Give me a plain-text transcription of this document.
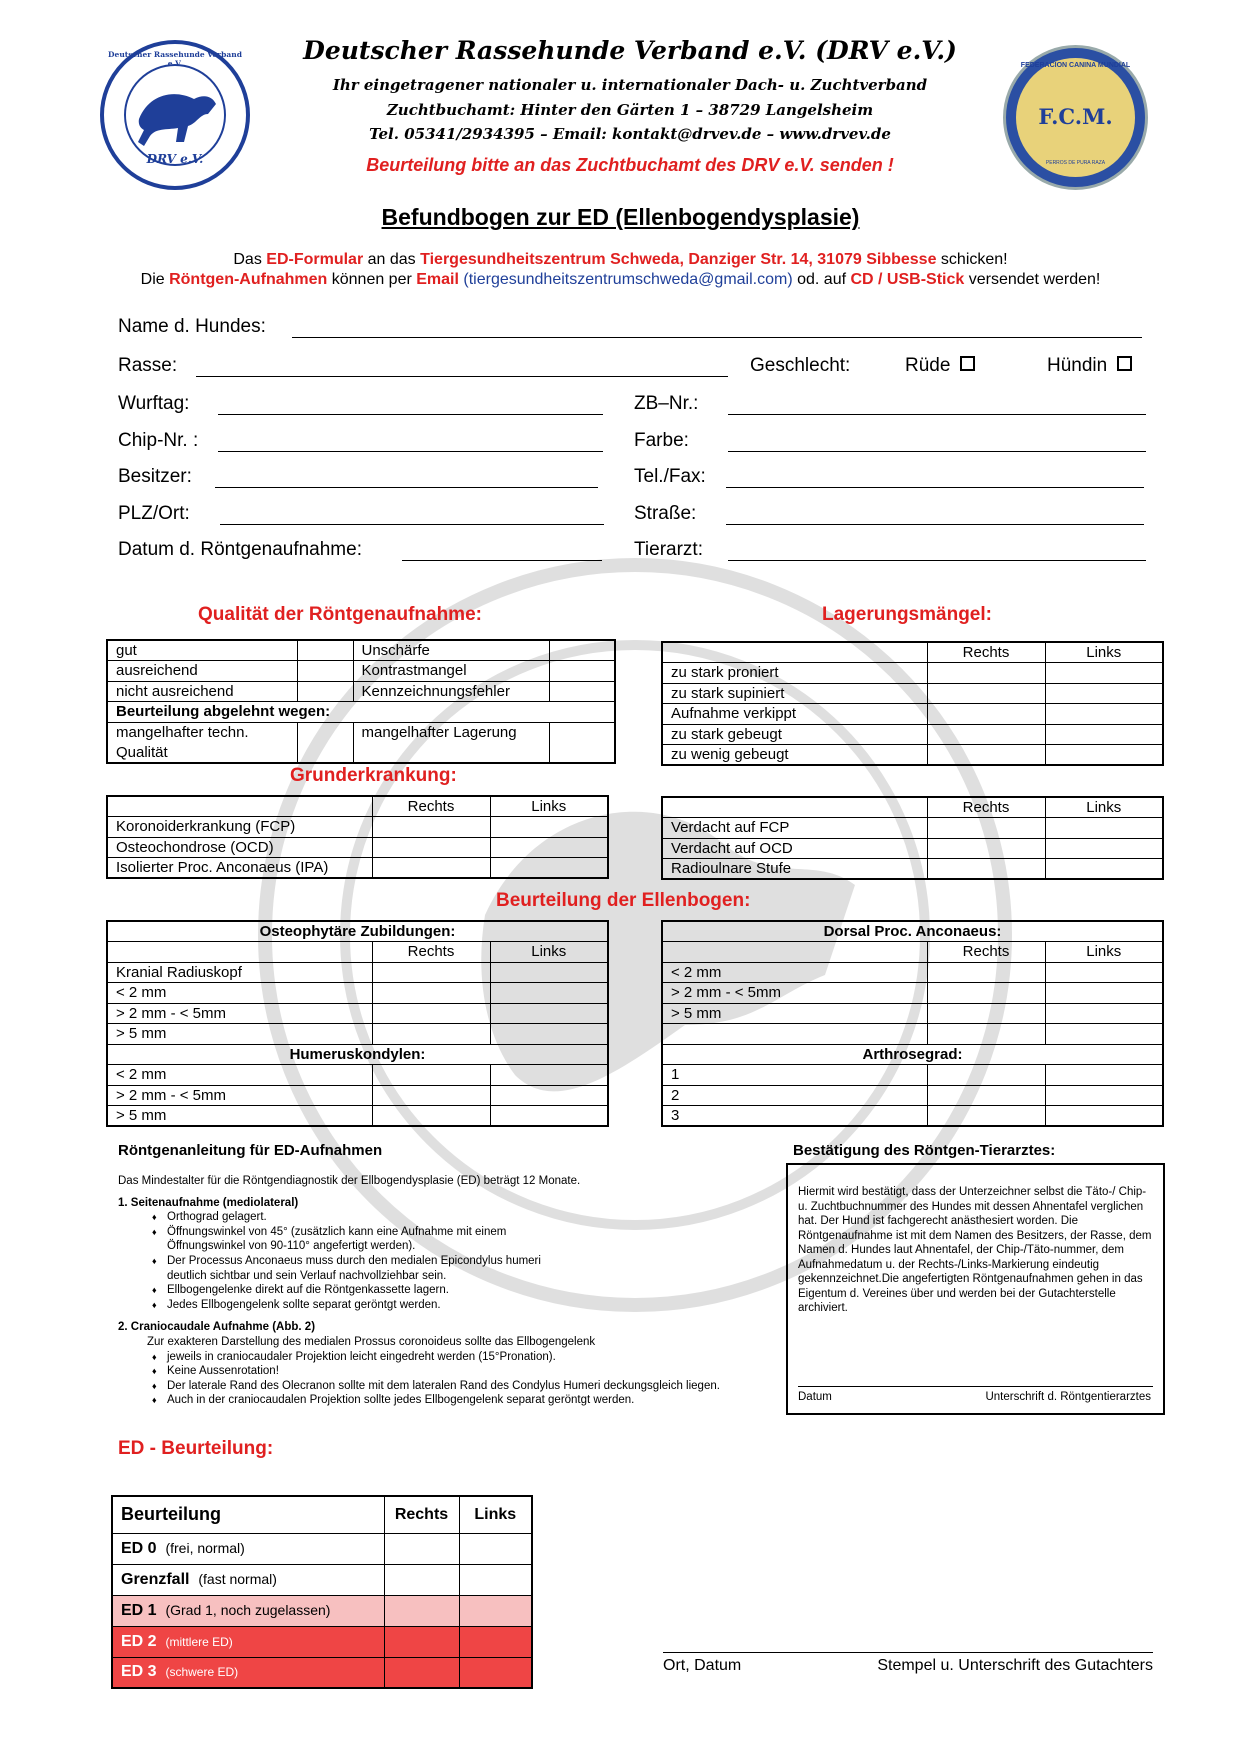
DRV e.V.
Deutscher Rassehunde Verband e.V.
F.C.M.
FEDERACION CANINA MUNDIAL
PERROS DE PURA RAZA
Deutscher Rassehunde Verband e.V. (DRV e.V.)
Ihr eingetragener nationaler u. internationaler Dach- u. Zuchtverband
Zuchtbuchamt: Hinter den Gärten 1 – 38729 Langelsheim
Tel. 05341/2934395 – Email: kontakt@drvev.de – www.drvev.de
Beurteilung bitte an das Zuchtbuchamt des DRV e.V. senden !
Befundbogen zur ED (Ellenbogendysplasie)
Das ED-Formular an das Tiergesundheitszentrum Schweda, Danziger Str. 14, 31079 Sibbesse schicken!
Die Röntgen-Aufnahmen können per Email (tiergesundheitszentrumschweda@gmail.com) od. auf CD / USB-Stick versendet werden!
Name d. Hundes:
Rasse:	Geschlecht:	Rüde	Hündin
Wurftag:	ZB–Nr.:
Chip-Nr. :	Farbe:
Besitzer:	Tel./Fax:
PLZ/Ort:	Straße:
Datum d. Röntgenaufnahme:	Tierarzt:
Qualität der Röntgenaufnahme:	Lagerungsmängel:
gut		Unschärfe	
ausreichend		Kontrastmangel	
nicht ausreichend		Kennzeichnungsfehler	
Beurteilung abgelehnt wegen:			
mangelhafter techn.		mangelhafter Lagerung	
Qualität			
	Rechts	Links
zu stark proniert		
zu stark supiniert		
Aufnahme verkippt		
zu stark gebeugt		
zu wenig gebeugt		
Grunderkrankung:
	Rechts	Links
Koronoiderkrankung (FCP)		
Osteochondrose (OCD)		
Isolierter Proc. Anconaeus (IPA)		
	Rechts	Links
Verdacht auf FCP		
Verdacht auf OCD		
Radioulnare Stufe		
Beurteilung der Ellenbogen:
Osteophytäre Zubildungen:		
	Rechts	Links
Kranial Radiuskopf		
< 2 mm		
> 2 mm - < 5mm		
> 5 mm		
Humeruskondylen:		
< 2 mm		
> 2 mm - < 5mm		
> 5 mm		
Dorsal Proc. Anconaeus:		
	Rechts	Links
< 2 mm		
> 2 mm - < 5mm		
> 5 mm		

Arthrosegrad:		
1		
2		
3		
Röntgenanleitung für ED-Aufnahmen
Das Mindestalter für die Röntgendiagnostik der Ellbogendysplasie (ED) beträgt 12 Monate.
1. Seitenaufnahme (mediolateral)
♦ Orthograd gelagert.
♦ Öffnungswinkel von 45° (zusätzlich kann eine Aufnahme mit einem Öffnungswinkel von 90-110° angefertigt werden).
♦ Der Processus Anconaeus muss durch den medialen Epicondylus humeri deutlich sichtbar und sein Verlauf nachvollziehbar sein.
♦ Ellbogengelenke direkt auf die Röntgenkassette lagern.
♦ Jedes Ellbogengelenk sollte separat geröntgt werden.
2. Craniocaudale Aufnahme (Abb. 2)
Zur exakteren Darstellung des medialen Prossus coronoideus sollte das Ellbogengelenk
♦ jeweils in craniocaudaler Projektion leicht eingedreht werden (15°Pronation).
♦ Keine Aussenrotation!
♦ Der laterale Rand des Olecranon sollte mit dem lateralen Rand des Condylus Humeri deckungsgleich liegen.
♦ Auch in der craniocaudalen Projektion sollte jedes Ellbogengelenk separat geröntgt werden.
Bestätigung des Röntgen-Tierarztes:
Hiermit wird bestätigt, dass der Unterzeichner selbst die Täto-/ Chip- u. Zuchtbuchnummer des Hundes mit dessen Ahnentafel verglichen hat. Der Hund ist fachgerecht anästhesiert worden. Die Röntgenaufnahme ist mit dem Namen des Besitzers, der Rasse, dem Namen d. Hundes laut Ahnentafel, der Chip-/Täto-nummer, dem Aufnahmedatum u. der Rechts-/Links-Markierung eindeutig gekennzeichnet.Die angefertigten Röntgenaufnahmen gehen in das Eigentum d. Vereines über und werden bei der Gutachterstelle archiviert.
Datum	Unterschrift d. Röntgentierarztes
ED - Beurteilung:
Beurteilung	Rechts	Links
ED 0 (frei, normal)		
Grenzfall (fast normal)		
ED 1 (Grad 1, noch zugelassen)		
ED 2 (mittlere ED)		
ED 3 (schwere ED)			Ort, Datum	Stempel u. Unterschrift des Gutachters
